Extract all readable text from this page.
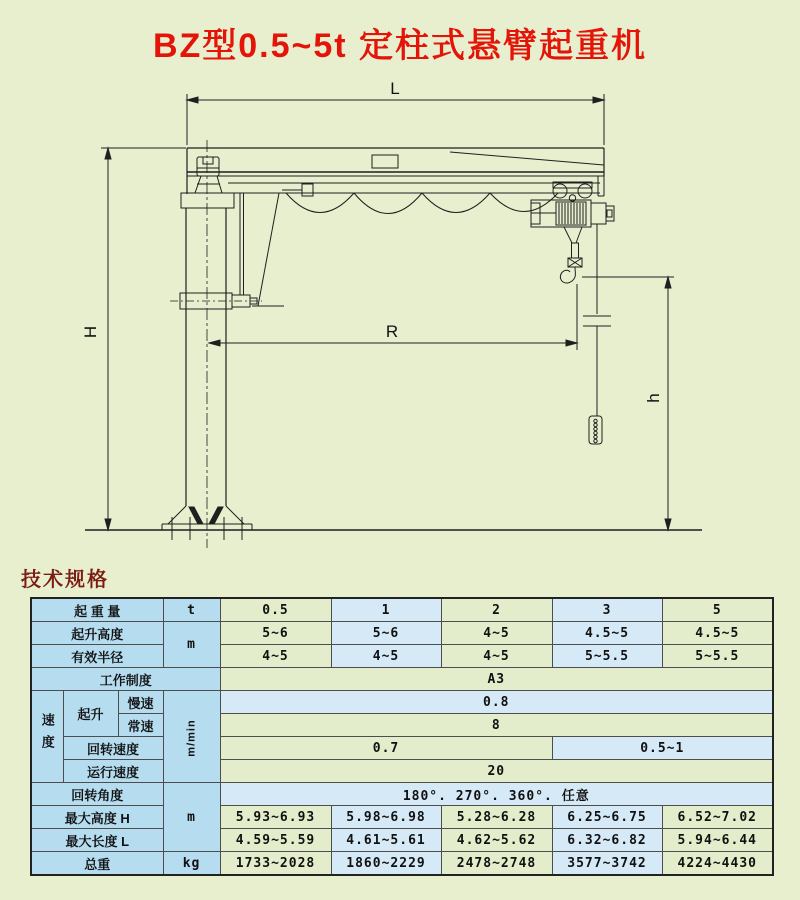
BZ型0.5~5t 定柱式悬臂起重机
L
H	R
h
技术规格
起 重 量			t	0.5	1	2	3	5
起升高度			m	5~6	5~6	4~5	4.5~5	4.5~5
有效半径				4~5	4~5	4~5	5~5.5	5~5.5
工作制度				A3				
速度	起升	慢速	m/min	0.8				
		常速		8				
	回转速度			0.7			0.5~1	
	运行速度			20				
回转角度			m	180°. 270°. 360°. 任意				
最大高度 H				5.93~6.93	5.98~6.98	5.28~6.28	6.25~6.75	6.52~7.02
最大长度 L				4.59~5.59	4.61~5.61	4.62~5.62	6.32~6.82	5.94~6.44
总重			kg	1733~2028	1860~2229	2478~2748	3577~3742	4224~4430
